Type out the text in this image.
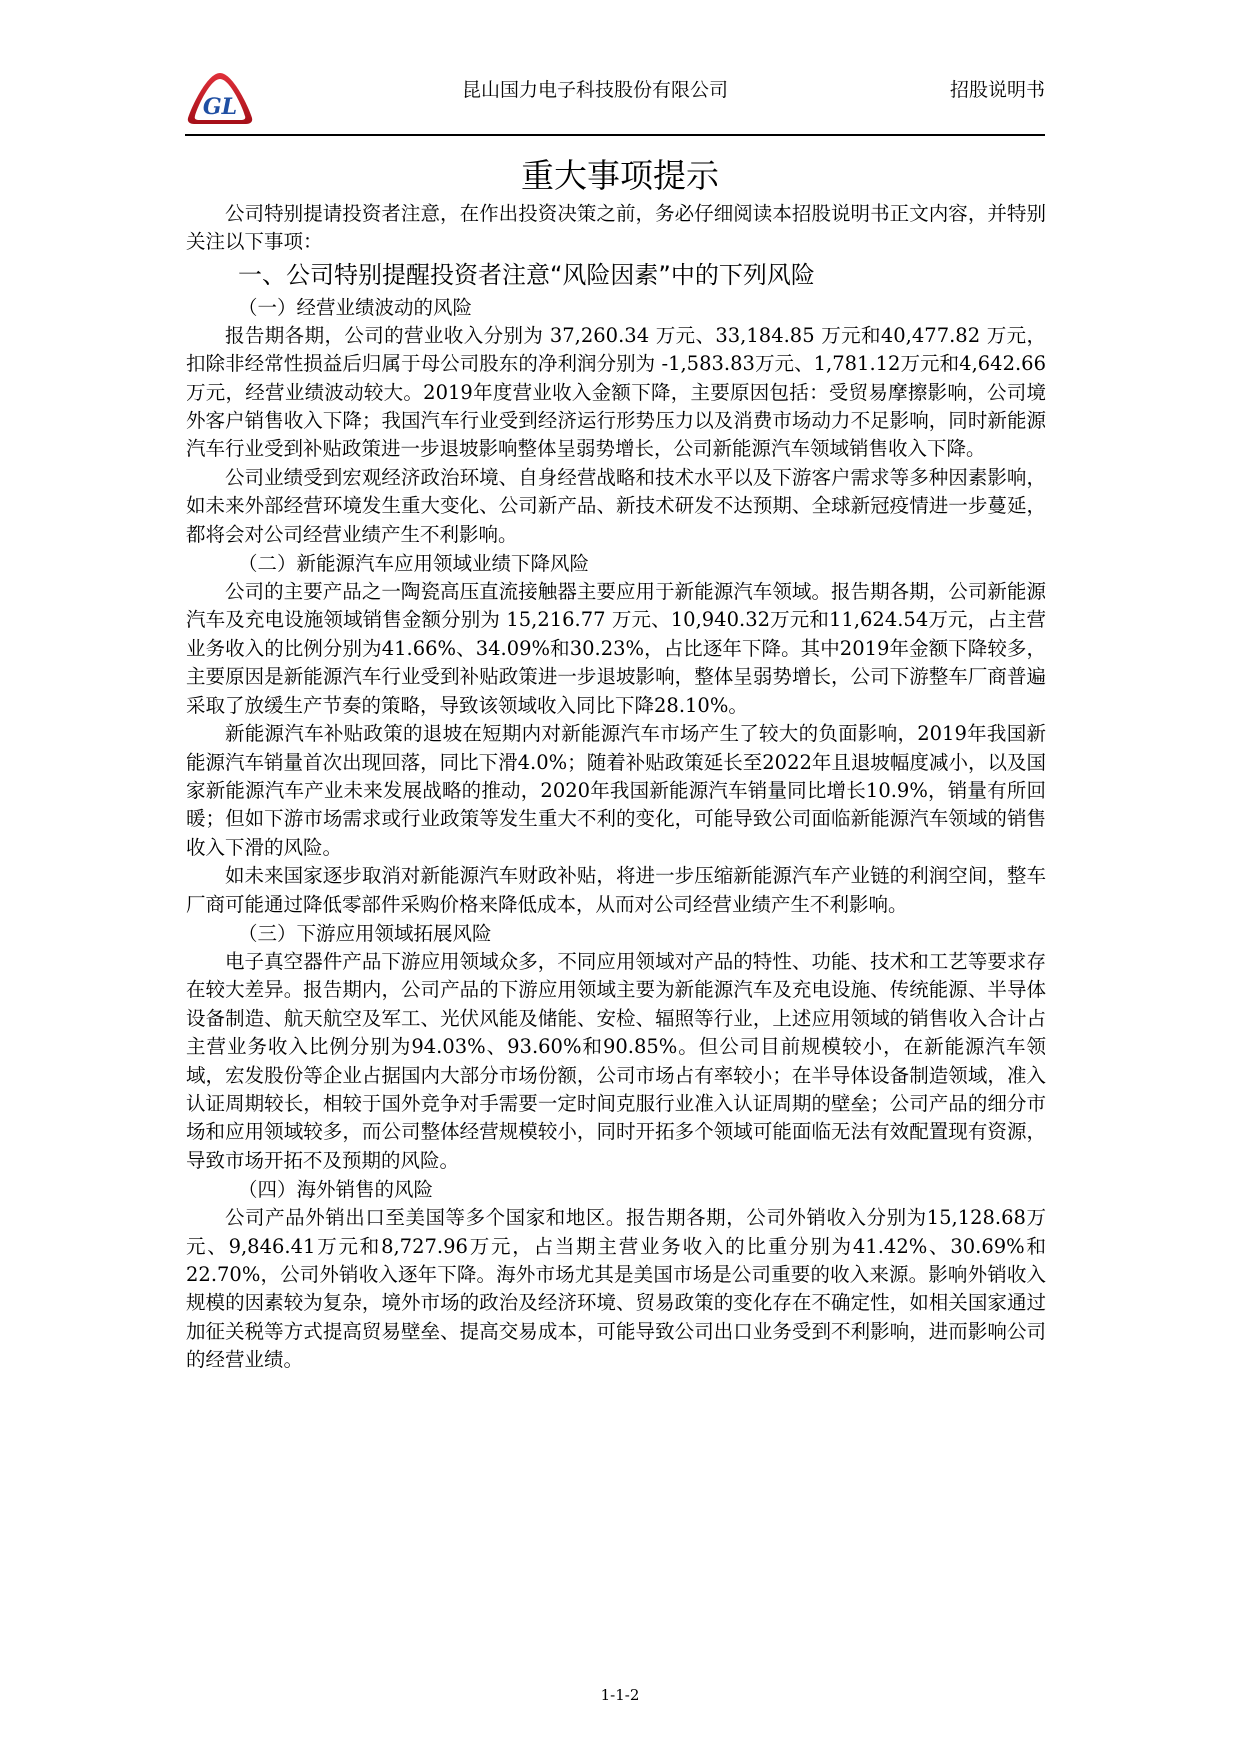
GL
昆山国力电子科技股份有限公司	招股说明书
重大事项提示

公司特别提请投资者注意，在作出投资决策之前，务必仔细阅读本招股说明书正文内容，并特别关注以下事项：

一、公司特别提醒投资者注意“风险因素”中的下列风险
（一）经营业绩波动的风险

报告期各期，公司的营业收入分别为 37,260.34 万元、33,184.85 万元和40,477.82 万元，扣除非经常性损益后归属于母公司股东的净利润分别为 -1,583.83万元、1,781.12万元和4,642.66万元，经营业绩波动较大。2019年度营业收入金额下降，主要原因包括：受贸易摩擦影响，公司境外客户销售收入下降；我国汽车行业受到经济运行形势压力以及消费市场动力不足影响，同时新能源汽车行业受到补贴政策进一步退坡影响整体呈弱势增长，公司新能源汽车领域销售收入下降。

公司业绩受到宏观经济政治环境、自身经营战略和技术水平以及下游客户需求等多种因素影响，如未来外部经营环境发生重大变化、公司新产品、新技术研发不达预期、全球新冠疫情进一步蔓延，都将会对公司经营业绩产生不利影响。

（二）新能源汽车应用领域业绩下降风险

公司的主要产品之一陶瓷高压直流接触器主要应用于新能源汽车领域。报告期各期，公司新能源汽车及充电设施领域销售金额分别为 15,216.77 万元、10,940.32万元和11,624.54万元，占主营业务收入的比例分别为41.66%、34.09%和30.23%，占比逐年下降。其中2019年金额下降较多，主要原因是新能源汽车行业受到补贴政策进一步退坡影响，整体呈弱势增长，公司下游整车厂商普遍采取了放缓生产节奏的策略，导致该领域收入同比下降28.10%。

新能源汽车补贴政策的退坡在短期内对新能源汽车市场产生了较大的负面影响，2019年我国新能源汽车销量首次出现回落，同比下滑4.0%；随着补贴政策延长至2022年且退坡幅度减小，以及国家新能源汽车产业未来发展战略的推动，2020年我国新能源汽车销量同比增长10.9%，销量有所回暖；但如下游市场需求或行业政策等发生重大不利的变化，可能导致公司面临新能源汽车领域的销售收入下滑的风险。

如未来国家逐步取消对新能源汽车财政补贴，将进一步压缩新能源汽车产业链的利润空间，整车厂商可能通过降低零部件采购价格来降低成本，从而对公司经营业绩产生不利影响。

（三）下游应用领域拓展风险

电子真空器件产品下游应用领域众多，不同应用领域对产品的特性、功能、技术和工艺等要求存在较大差异。报告期内，公司产品的下游应用领域主要为新能源汽车及充电设施、传统能源、半导体设备制造、航天航空及军工、光伏风能及储能、安检、辐照等行业，上述应用领域的销售收入合计占主营业务收入比例分别为94.03%、93.60%和90.85%。但公司目前规模较小，在新能源汽车领域，宏发股份等企业占据国内大部分市场份额，公司市场占有率较小；在半导体设备制造领域，准入认证周期较长，相较于国外竞争对手需要一定时间克服行业准入认证周期的壁垒；公司产品的细分市场和应用领域较多，而公司整体经营规模较小，同时开拓多个领域可能面临无法有效配置现有资源，导致市场开拓不及预期的风险。

（四）海外销售的风险

公司产品外销出口至美国等多个国家和地区。报告期各期，公司外销收入分别为15,128.68万元、9,846.41万元和8,727.96万元，占当期主营业务收入的比重分别为41.42%、30.69%和22.70%，公司外销收入逐年下降。海外市场尤其是美国市场是公司重要的收入来源。影响外销收入规模的因素较为复杂，境外市场的政治及经济环境、贸易政策的变化存在不确定性，如相关国家通过加征关税等方式提高贸易壁垒、提高交易成本，可能导致公司出口业务受到不利影响，进而影响公司的经营业绩。

1-1-2
